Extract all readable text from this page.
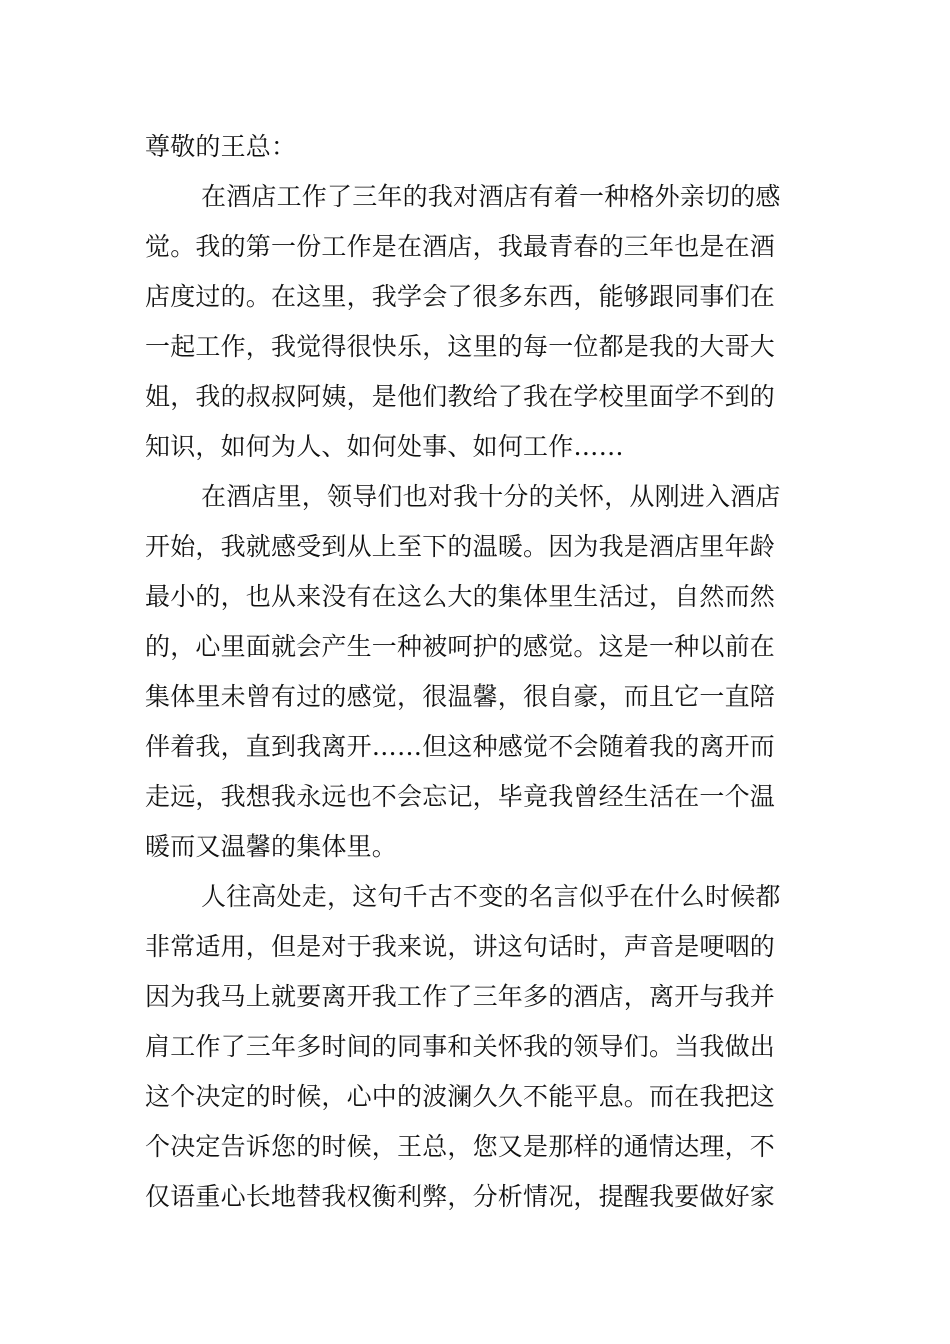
尊敬的王总：
在酒店工作了三年的我对酒店有着一种格外亲切的感
觉。我的第一份工作是在酒店，我最青春的三年也是在酒
店度过的。在这里，我学会了很多东西，能够跟同事们在
一起工作，我觉得很快乐，这里的每一位都是我的大哥大
姐，我的叔叔阿姨，是他们教给了我在学校里面学不到的
知识，如何为人、如何处事、如何工作……
在酒店里，领导们也对我十分的关怀，从刚进入酒店
开始，我就感受到从上至下的温暖。因为我是酒店里年龄
最小的，也从来没有在这么大的集体里生活过，自然而然
的，心里面就会产生一种被呵护的感觉。这是一种以前在
集体里未曾有过的感觉，很温馨，很自豪，而且它一直陪
伴着我，直到我离开……但这种感觉不会随着我的离开而
走远，我想我永远也不会忘记，毕竟我曾经生活在一个温
暖而又温馨的集体里。
人往高处走，这句千古不变的名言似乎在什么时候都
非常适用，但是对于我来说，讲这句话时，声音是哽咽的
因为我马上就要离开我工作了三年多的酒店，离开与我并
肩工作了三年多时间的同事和关怀我的领导们。当我做出
这个决定的时候，心中的波澜久久不能平息。而在我把这
个决定告诉您的时候，王总，您又是那样的通情达理，不
仅语重心长地替我权衡利弊，分析情况，提醒我要做好家
